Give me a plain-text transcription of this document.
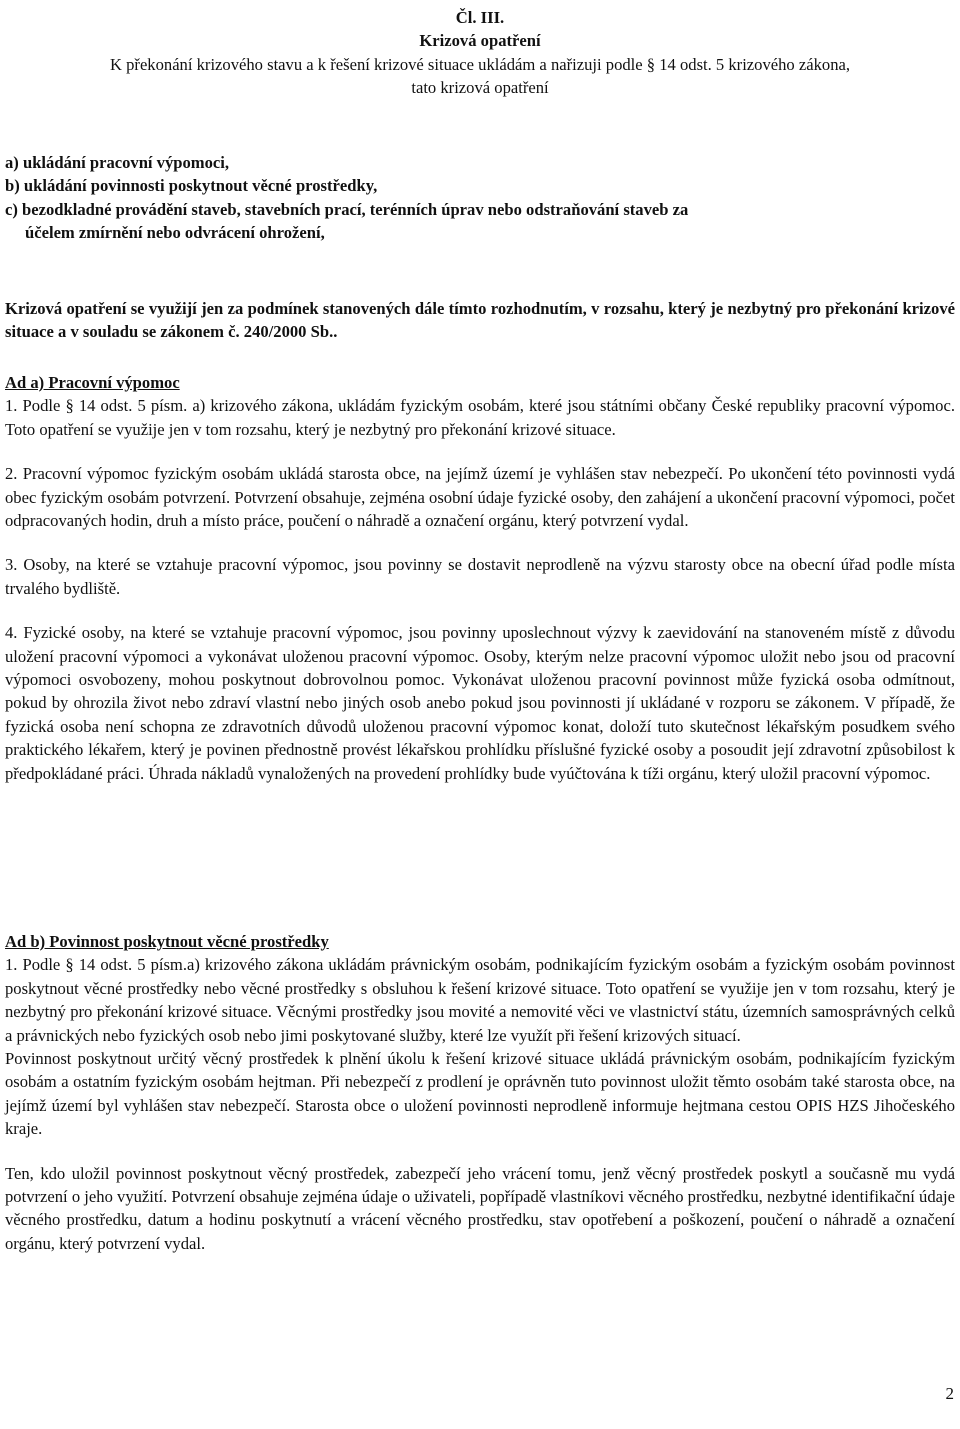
Čl. III.
Krizová opatření
K překonání krizového stavu a k řešení krizové situace ukládám a nařizuji podle § 14 odst. 5 krizového zákona,
tato krizová opatření

a) ukládání pracovní výpomoci,

b) ukládání povinnosti poskytnout věcné prostředky,

c) bezodkladné provádění staveb, stavebních prací, terénních úprav nebo odstraňování staveb za

účelem zmírnění nebo odvrácení ohrožení,

Krizová opatření se využijí jen za podmínek stanovených dále tímto rozhodnutím, v rozsahu, který je nezbytný pro překonání krizové situace a v souladu se zákonem č. 240/2000 Sb..

Ad a) Pracovní výpomoc

1. Podle § 14 odst. 5 písm. a) krizového zákona, ukládám fyzickým osobám, které jsou státními občany České republiky pracovní výpomoc. Toto opatření se využije jen v tom rozsahu, který je nezbytný pro překonání krizové situace.

2. Pracovní výpomoc fyzickým osobám ukládá starosta obce, na jejímž území je vyhlášen stav nebezpečí. Po ukončení této povinnosti vydá obec fyzickým osobám potvrzení. Potvrzení obsahuje, zejména osobní údaje fyzické osoby, den zahájení a ukončení pracovní výpomoci, počet odpracovaných hodin, druh a místo práce, poučení o náhradě a označení orgánu, který potvrzení vydal.

3. Osoby, na které se vztahuje pracovní výpomoc, jsou povinny se dostavit neprodleně na výzvu starosty obce na obecní úřad podle místa trvalého bydliště.

4. Fyzické osoby, na které se vztahuje pracovní výpomoc, jsou povinny uposlechnout výzvy k zaevidování na stanoveném místě z důvodu uložení pracovní výpomoci a vykonávat uloženou pracovní výpomoc. Osoby, kterým nelze pracovní výpomoc uložit nebo jsou od pracovní výpomoci osvobozeny, mohou poskytnout dobrovolnou pomoc. Vykonávat uloženou pracovní povinnost může fyzická osoba odmítnout, pokud by ohrozila život nebo zdraví vlastní nebo jiných osob anebo pokud jsou povinnosti jí ukládané v rozporu se zákonem. V případě, že fyzická osoba není schopna ze zdravotních důvodů uloženou pracovní výpomoc konat, doloží tuto skutečnost lékařským posudkem svého praktického lékařem, který je povinen přednostně provést lékařskou prohlídku příslušné fyzické osoby a posoudit její zdravotní způsobilost k předpokládané práci. Úhrada nákladů vynaložených na provedení prohlídky bude vyúčtována k tíži orgánu, který uložil pracovní výpomoc.

Ad b) Povinnost poskytnout věcné prostředky

1. Podle § 14 odst. 5 písm.a) krizového zákona ukládám právnickým osobám, podnikajícím fyzickým osobám a fyzickým osobám povinnost poskytnout věcné prostředky nebo věcné prostředky s obsluhou k řešení krizové situace. Toto opatření se využije jen v tom rozsahu, který je nezbytný pro překonání krizové situace. Věcnými prostředky jsou movité a nemovité věci ve vlastnictví státu, územních samosprávných celků a právnických nebo fyzických osob nebo jimi poskytované služby, které lze využít při řešení krizových situací.

Povinnost poskytnout určitý věcný prostředek k plnění úkolu k řešení krizové situace ukládá právnickým osobám, podnikajícím fyzickým osobám a ostatním fyzickým osobám hejtman. Při nebezpečí z prodlení je oprávněn tuto povinnost uložit těmto osobám také starosta obce, na jejímž území byl vyhlášen stav nebezpečí. Starosta obce o uložení povinnosti neprodleně informuje hejtmana cestou OPIS HZS Jihočeského kraje.

Ten, kdo uložil povinnost poskytnout věcný prostředek, zabezpečí jeho vrácení tomu, jenž věcný prostředek poskytl a současně mu vydá potvrzení o jeho využití. Potvrzení obsahuje zejména údaje o uživateli, popřípadě vlastníkovi věcného prostředku, nezbytné identifikační údaje věcného prostředku, datum a hodinu poskytnutí a vrácení věcného prostředku, stav opotřebení a poškození, poučení o náhradě a označení orgánu, který potvrzení vydal.

2
